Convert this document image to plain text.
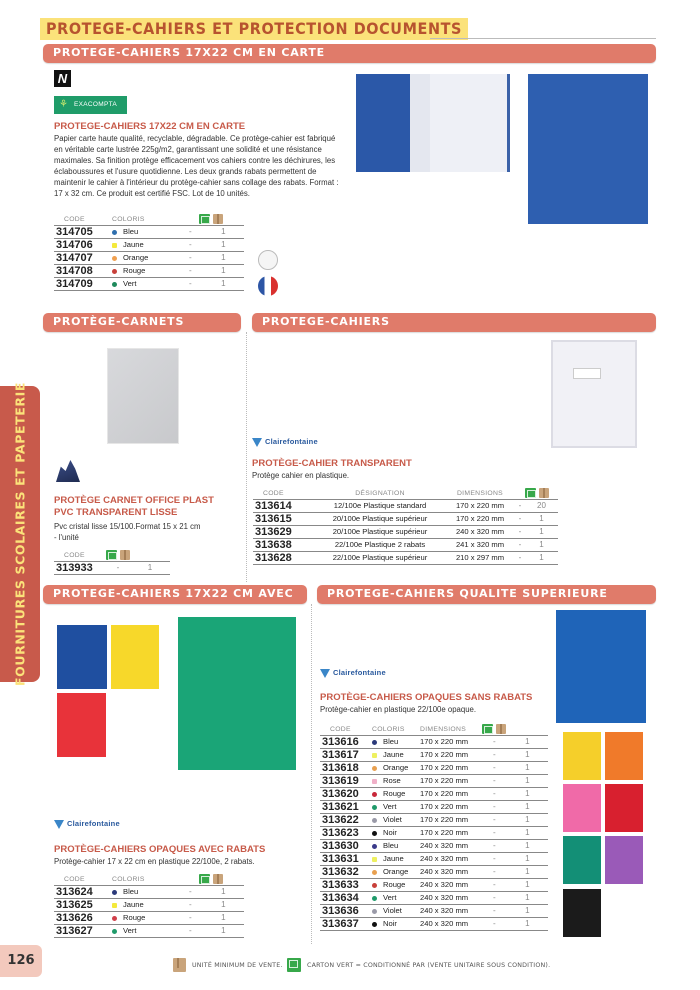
PROTEGE-CAHIERS ET PROTECTION DOCUMENTS
FOURNITURES SCOLAIRES ET PAPETERIE
PROTEGE-CAHIERS 17X22 CM EN CARTE
N
⚘ EXACOMPTA
PROTEGE-CAHIERS 17X22 CM EN CARTE
Papier carte haute qualité, recyclable, dégradable. Ce protège-cahier est fabriqué en véritable carte lustrée 225g/m2, garantissant une solidité et une résistance maximales. Sa finition protège efficacement vos cahiers contre les déchirures, les éclaboussures et l'usure quotidienne. Les deux grands rabats permettent de maintenir le cahier à l'intérieur du protège-cahier sans collage des rabats. Format : 17 x 32 cm. Ce produit est certifié FSC. Lot de 10 unités.
CODE	COLORIS		
314705	Bleu	-	1
314706	Jaune	-	1
314707	Orange	-	1
314708	Rouge	-	1
314709	Vert	-	1
PROTÈGE-CARNETS	PROTEGE-CAHIERS
PROTÈGE CARNET OFFICE PLAST
PVC TRANSPARENT LISSE
Pvc cristal lisse 15/100.Format 15 x 21 cm
- l'unité
CODE		
313933	-	1
Clairefontaine
PROTÈGE-CAHIER TRANSPARENT
Protège cahier en plastique.
CODE	DÉSIGNATION	DIMENSIONS		
313614	12/100e Plastique standard	170 x 220 mm	-	20
313615	20/100e Plastique supérieur	170 x 220 mm	-	1
313629	20/100e Plastique supérieur	240 x 320 mm	-	1
313638	22/100e Plastique 2 rabats	241 x 320 mm	-	1
313628	22/100e Plastique supérieur	210 x 297 mm	-	1
PROTEGE-CAHIERS 17X22 CM AVEC RABATS
PROTEGE-CAHIERS QUALITE SUPERIEURE
Clairefontaine
PROTÈGE-CAHIERS OPAQUES AVEC RABATS
Protège-cahier 17 x 22 cm en plastique 22/100e, 2 rabats.
CODE	COLORIS		
313624	Bleu	-	1
313625	Jaune	-	1
313626	Rouge	-	1
313627	Vert	-	1
Clairefontaine
PROTÈGE-CAHIERS OPAQUES SANS RABATS
Protège-cahier en plastique 22/100e opaque.
CODE	COLORIS	DIMENSIONS		
313616	Bleu	170 x 220 mm	-	1
313617	Jaune	170 x 220 mm	-	1
313618	Orange	170 x 220 mm	-	1
313619	Rose	170 x 220 mm	-	1
313620	Rouge	170 x 220 mm	-	1
313621	Vert	170 x 220 mm	-	1
313622	Violet	170 x 220 mm	-	1
313623	Noir	170 x 220 mm	-	1
313630	Bleu	240 x 320 mm	-	1
313631	Jaune	240 x 320 mm	-	1
313632	Orange	240 x 320 mm	-	1
313633	Rouge	240 x 320 mm	-	1
313634	Vert	240 x 320 mm	-	1
313636	Violet	240 x 320 mm	-	1
313637	Noir	240 x 320 mm	-	1
126	UNITÉ MINIMUM DE VENTE.	CARTON VERT = CONDITIONNÉ PAR (VENTE UNITAIRE SOUS CONDITION).
